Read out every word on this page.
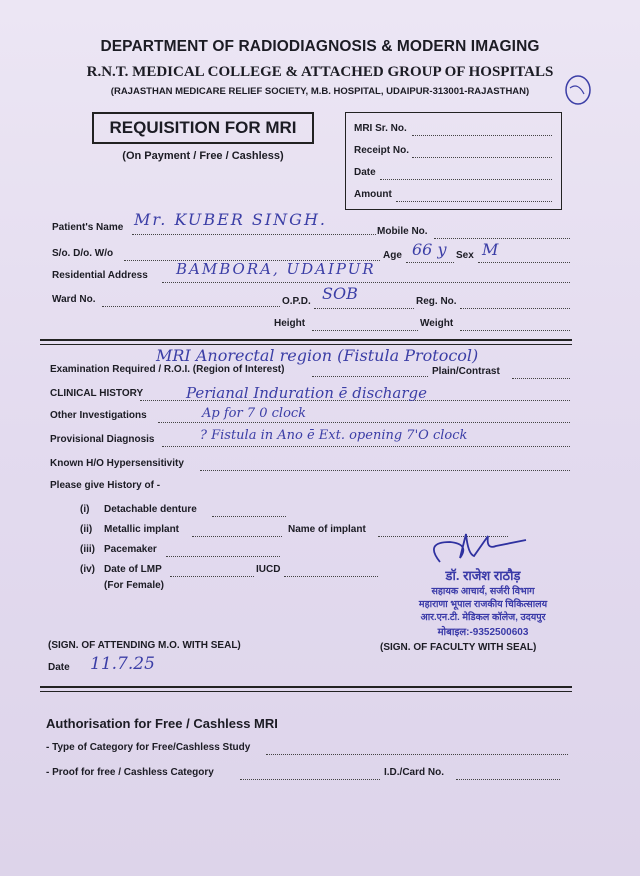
DEPARTMENT OF RADIODIAGNOSIS & MODERN IMAGING
R.N.T. MEDICAL COLLEGE & ATTACHED GROUP OF HOSPITALS
(RAJASTHAN MEDICARE RELIEF SOCIETY, M.B. HOSPITAL, UDAIPUR-313001-RAJASTHAN)
REQUISITION FOR MRI
(On Payment / Free / Cashless)
MRI Sr. No.
Receipt No.
Date
Amount
Patient's Name Mr. KUBER SINGH.
Mobile No.
S/o. D/o. W/o	Age 66 y Sex M
Residential Address BAMBORA, UDAIPUR
Ward No.	O.P.D. SOB	Reg. No.
Height	Weight
MRI Anorectal region (Fistula Protocol)
Examination Required / R.O.I. (Region of Interest)	Plain/Contrast
CLINICAL HISTORY	Perianal Induration ē discharge
Other Investigations	Ap for 7 0 clock
Provisional Diagnosis	? Fistula in Ano ē Ext. opening 7'O clock
Known H/O Hypersensitivity
Please give History of -
(i) Detachable denture
(ii) Metallic implant	Name of implant
(iii) Pacemaker
(iv) Date of LMP	IUCD
(For Female)
डॉ. राजेश राठौड़
सहायक आचार्य, सर्जरी विभाग
महाराणा भूपाल राजकीय चिकित्सालय
आर.एन.टी. मेडिकल कॉलेज, उदयपुर
मोबाइल:-9352500603
(SIGN. OF ATTENDING M.O. WITH SEAL)	(SIGN. OF FACULTY WITH SEAL)
Date 11.7.25
Authorisation for Free / Cashless MRI
- Type of Category for Free/Cashless Study
- Proof for free / Cashless Category	I.D./Card No.
